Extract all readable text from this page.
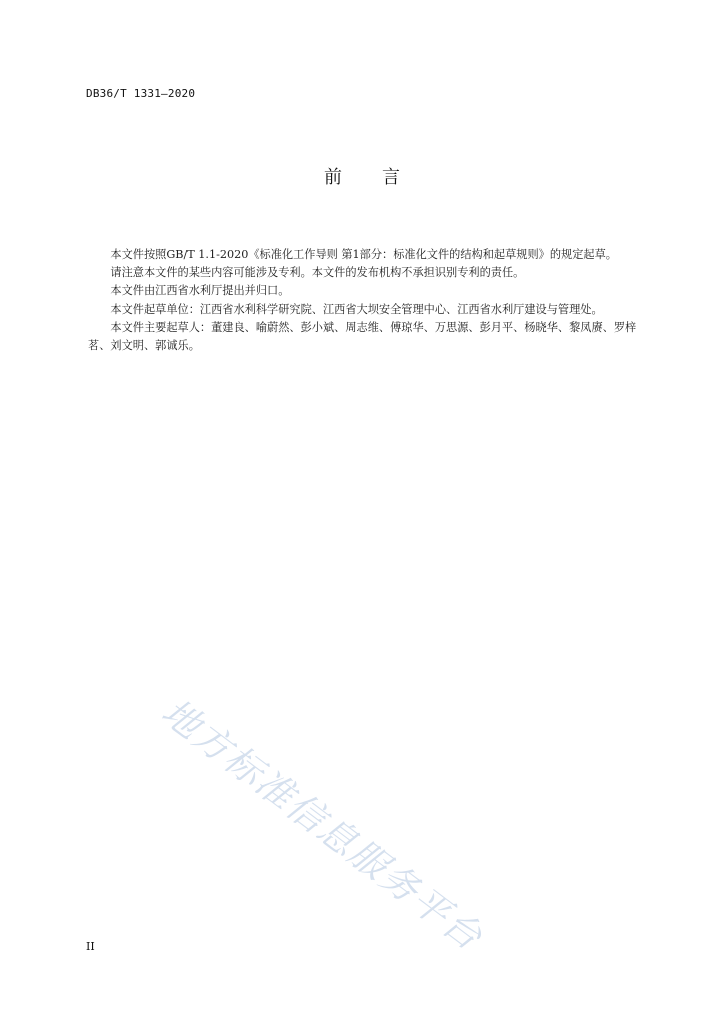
DB36/T 1331—2020
前 言

本文件按照GB/T 1.1-2020《标准化工作导则 第1部分：标准化文件的结构和起草规则》的规定起草。

请注意本文件的某些内容可能涉及专利。本文件的发布机构不承担识别专利的责任。

本文件由江西省水利厅提出并归口。

本文件起草单位：江西省水利科学研究院、江西省大坝安全管理中心、江西省水利厅建设与管理处。

本文件主要起草人：董建良、喻蔚然、彭小斌、周志维、傅琼华、万思源、彭月平、杨晓华、黎凤赓、罗梓茗、刘文明、郭诚乐。

地方标准信息服务平台
II
